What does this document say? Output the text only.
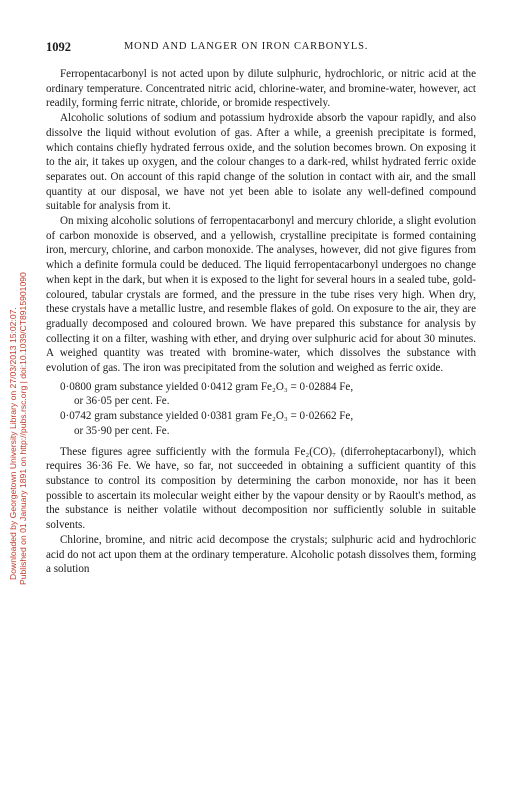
Downloaded by Georgetown University Library on 27/03/2013 15:02:07. Published on 01 January 1891 on http://pubs.rsc.org | doi:10.1039/CT8915901090
1092	MOND AND LANGER ON IRON CARBONYLS.

Ferropentacarbonyl is not acted upon by dilute sulphuric, hydrochloric, or nitric acid at the ordinary temperature. Concentrated nitric acid, chlorine-water, and bromine-water, however, act readily, forming ferric nitrate, chloride, or bromide respectively.

Alcoholic solutions of sodium and potassium hydroxide absorb the vapour rapidly, and also dissolve the liquid without evolution of gas. After a while, a greenish precipitate is formed, which contains chiefly hydrated ferrous oxide, and the solution becomes brown. On exposing it to the air, it takes up oxygen, and the colour changes to a dark-red, whilst hydrated ferric oxide separates out. On account of this rapid change of the solution in contact with air, and the small quantity at our disposal, we have not yet been able to isolate any well-defined compound suitable for analysis from it.

On mixing alcoholic solutions of ferropentacarbonyl and mercury chloride, a slight evolution of carbon monoxide is observed, and a yellowish, crystalline precipitate is formed containing iron, mercury, chlorine, and carbon monoxide. The analyses, however, did not give figures from which a definite formula could be deduced. The liquid ferropentacarbonyl undergoes no change when kept in the dark, but when it is exposed to the light for several hours in a sealed tube, gold-coloured, tabular crystals are formed, and the pressure in the tube rises very high. When dry, these crystals have a metallic lustre, and resemble flakes of gold. On exposure to the air, they are gradually decomposed and coloured brown. We have prepared this substance for analysis by collecting it on a filter, washing with ether, and drying over sulphuric acid for about 30 minutes. A weighed quantity was treated with bromine-water, which dissolves the substance with evolution of gas. The iron was precipitated from the solution and weighed as ferric oxide.

0·0800 gram substance yielded 0·0412 gram Fe₂O₃ = 0·02884 Fe,
or 36·05 per cent. Fe.
0·0742 gram substance yielded 0·0381 gram Fe₂O₃ = 0·02662 Fe,
or 35·90 per cent. Fe.

These figures agree sufficiently with the formula Fe₂(CO)₇ (diferroheptacarbonyl), which requires 36·36 Fe. We have, so far, not succeeded in obtaining a sufficient quantity of this substance to control its composition by determining the carbon monoxide, nor has it been possible to ascertain its molecular weight either by the vapour density or by Raoult's method, as the substance is neither volatile without decomposition nor sufficiently soluble in suitable solvents.

Chlorine, bromine, and nitric acid decompose the crystals; sulphuric acid and hydrochloric acid do not act upon them at the ordinary temperature. Alcoholic potash dissolves them, forming a solution
